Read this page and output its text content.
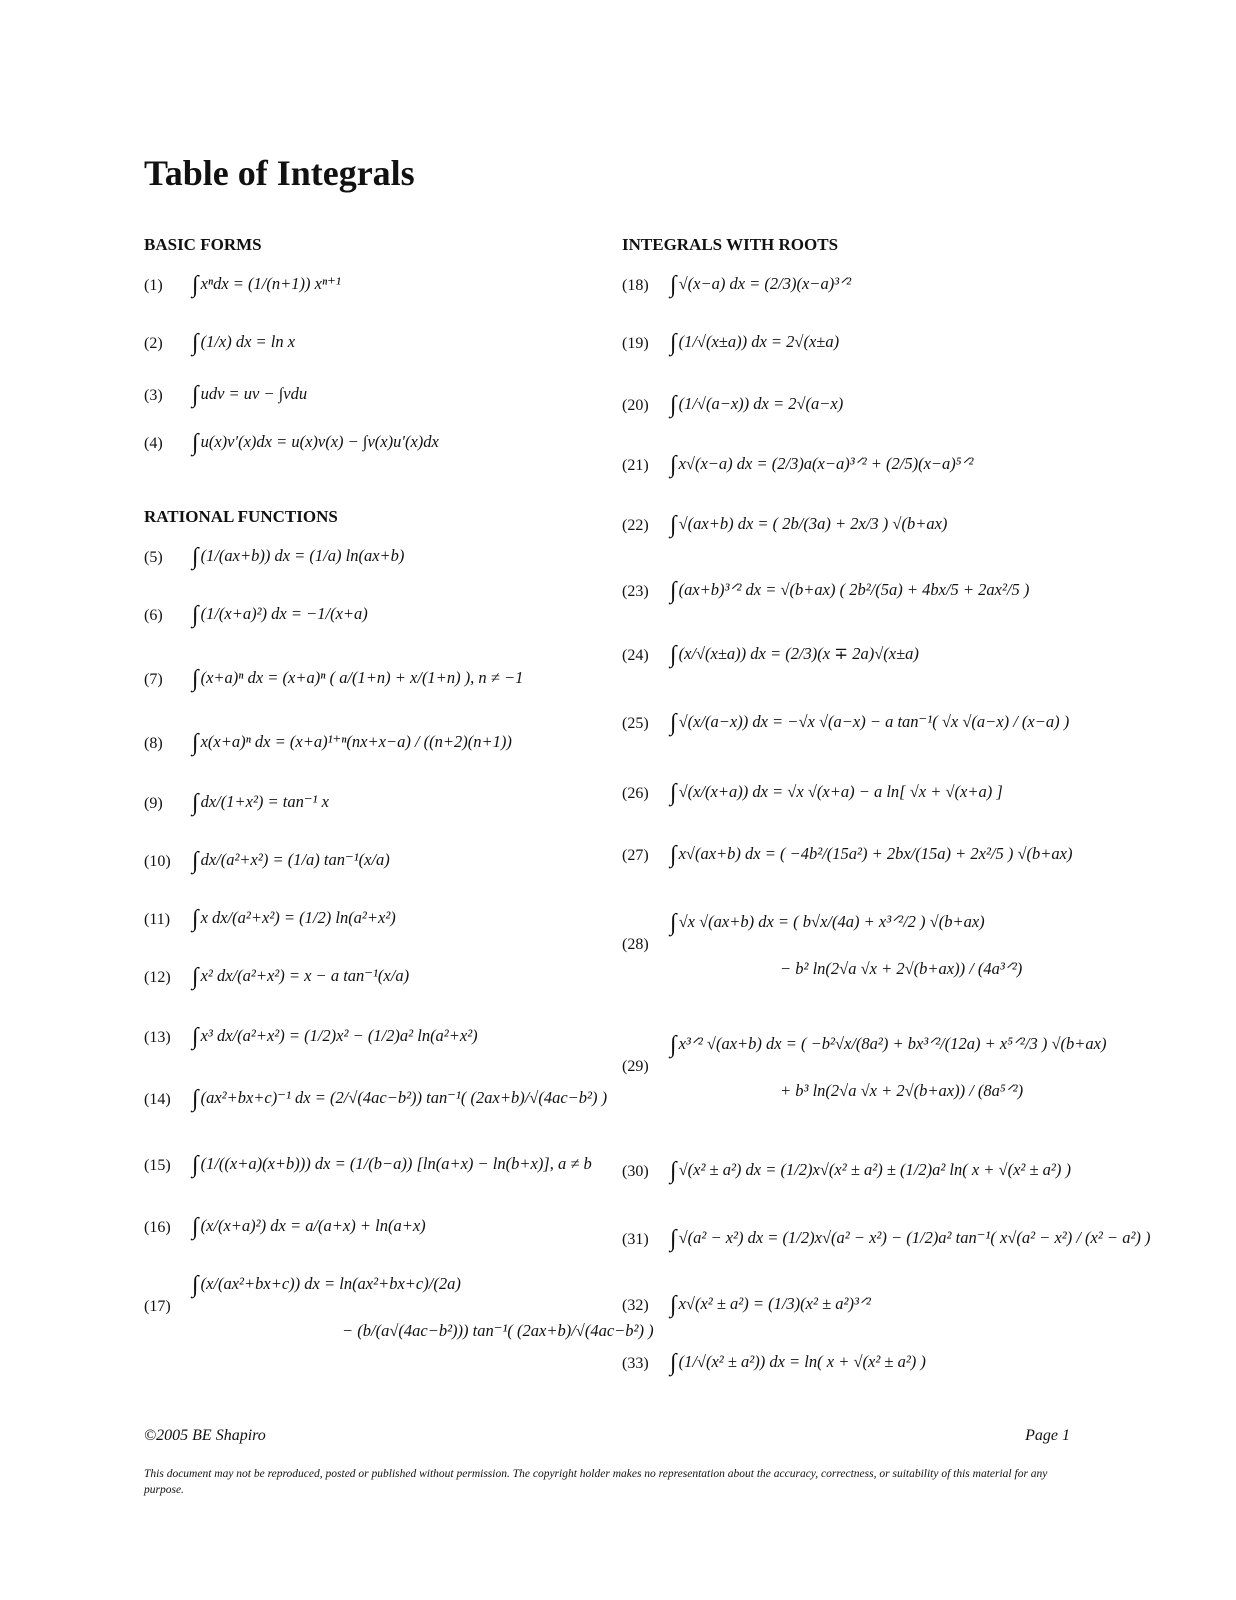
Table of Integrals
BASIC FORMS
(1)	∫ xⁿdx = (1/(n+1)) xⁿ⁺¹
(2)	∫ (1/x) dx = ln x
(3)	∫ udv = uv − ∫vdu
(4)	∫ u(x)v′(x)dx = u(x)v(x) − ∫v(x)u′(x)dx
RATIONAL FUNCTIONS
(5)	∫ (1/(ax+b)) dx = (1/a) ln(ax+b)
(6)	∫ (1/(x+a)²) dx = −1/(x+a)
(7)	∫ (x+a)ⁿ dx = (x+a)ⁿ ( a/(1+n) + x/(1+n) ), n ≠ −1
(8)	∫ x(x+a)ⁿ dx = (x+a)¹⁺ⁿ(nx+x−a) / ((n+2)(n+1))
(9)	∫ dx/(1+x²) = tan⁻¹ x
(10) ∫ dx/(a²+x²) = (1/a) tan⁻¹(x/a)
(11) ∫ x dx/(a²+x²) = (1/2) ln(a²+x²)
(12) ∫ x² dx/(a²+x²) = x − a tan⁻¹(x/a)
(13) ∫ x³ dx/(a²+x²) = (1/2)x² − (1/2)a² ln(a²+x²)
(14) ∫ (ax²+bx+c)⁻¹ dx = (2/√(4ac−b²)) tan⁻¹( (2ax+b)/√(4ac−b²) )
(15) ∫ (1/((x+a)(x+b))) dx = (1/(b−a)) [ln(a+x) − ln(b+x)], a ≠ b
(16) ∫ (x/(x+a)²) dx = a/(a+x) + ln(a+x)
(17)
∫ (x/(ax²+bx+c)) dx = ln(ax²+bx+c)/(2a)
− (b/(a√(4ac−b²))) tan⁻¹( (2ax+b)/√(4ac−b²) )
INTEGRALS WITH ROOTS
(18) ∫ √(x−a) dx = (2/3)(x−a)³ᐟ²
(19) ∫ (1/√(x±a)) dx = 2√(x±a)
(20) ∫ (1/√(a−x)) dx = 2√(a−x)
(21) ∫ x√(x−a) dx = (2/3)a(x−a)³ᐟ² + (2/5)(x−a)⁵ᐟ²
(22) ∫ √(ax+b) dx = ( 2b/(3a) + 2x/3 ) √(b+ax)
(23) ∫ (ax+b)³ᐟ² dx = √(b+ax) ( 2b²/(5a) + 4bx/5 + 2ax²/5 )
(24) ∫ (x/√(x±a)) dx = (2/3)(x ∓ 2a)√(x±a)
(25) ∫ √(x/(a−x)) dx = −√x √(a−x) − a tan⁻¹( √x √(a−x) / (x−a) )
(26) ∫ √(x/(x+a)) dx = √x √(x+a) − a ln[ √x + √(x+a) ]
(27) ∫ x√(ax+b) dx = ( −4b²/(15a²) + 2bx/(15a) + 2x²/5 ) √(b+ax)
(28)
∫ √x √(ax+b) dx = ( b√x/(4a) + x³ᐟ²/2 ) √(b+ax)
− b² ln(2√a √x + 2√(b+ax)) / (4a³ᐟ²)
(29)
∫ x³ᐟ² √(ax+b) dx = ( −b²√x/(8a²) + bx³ᐟ²/(12a) + x⁵ᐟ²/3 ) √(b+ax)
+ b³ ln(2√a √x + 2√(b+ax)) / (8a⁵ᐟ²)
(30) ∫ √(x² ± a²) dx = (1/2)x√(x² ± a²) ± (1/2)a² ln( x + √(x² ± a²) )
(31) ∫ √(a² − x²) dx = (1/2)x√(a² − x²) − (1/2)a² tan⁻¹( x√(a² − x²) / (x² − a²) )
(32) ∫ x√(x² ± a²) = (1/3)(x² ± a²)³ᐟ²
(33) ∫ (1/√(x² ± a²)) dx = ln( x + √(x² ± a²) )
©2005 BE Shapiro	Page 1

This document may not be reproduced, posted or published without permission. The copyright holder makes no representation about the accuracy, correctness, or suitability of this material for any purpose.
